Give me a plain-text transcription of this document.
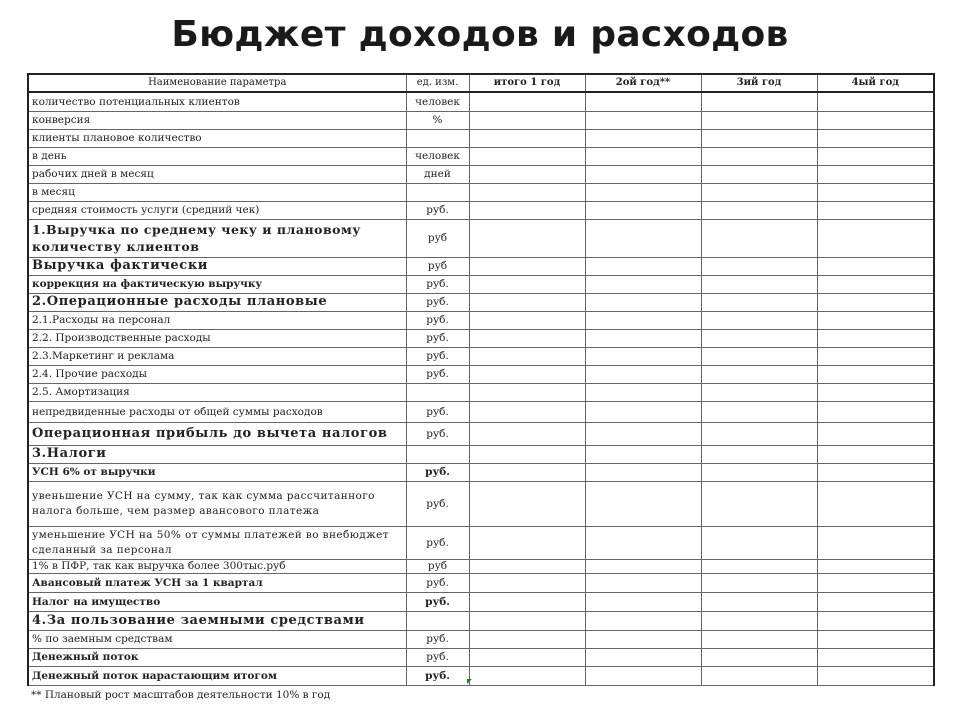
Бюджет доходов и расходов
Наименование параметра	ед. изм.	итого 1 год	2ой год**	3ий год	4ый год
количество потенциальных клиентов	человек				
конверсия	%				
клиенты плановое количество					
в день	человек				
рабочих дней в месяц	дней				
в месяц					
средняя стоимость услуги (средний чек)	руб.				
1.Выручка по среднему чеку и плановому количеству клиентов	руб				
Выручка фактически	руб				
коррекция на фактическую выручку	руб.				
2.Операционные расходы плановые	руб.				
2.1.Расходы на персонал	руб.				
2.2. Производственные расходы	руб.				
2.3.Маркетинг и реклама	руб.				
2.4. Прочие расходы	руб.				
2.5. Амортизация					
непредвиденные расходы от общей суммы расходов	руб.				
Операционная прибыль до вычета налогов	руб.				
3.Налоги					
УСН 6% от выручки	руб.				
увеньшение УСН на сумму, так как сумма рассчитанного налога больше, чем размер авансового платежа	руб.				
уменьшение УСН на 50% от суммы платежей во внебюджет сделанный за персонал	руб.				
1% в ПФР, так как выручка более 300тыс.руб	руб				
Авансовый платеж УСН за 1 квартал	руб.				
Налог на имущество	руб.				
4.За пользование заемными средствами					
% по заемным средствам	руб.				
Денежный поток	руб.				
Денежный поток нарастающим итогом	руб.				
** Плановый рост масштабов деятельности 10% в год					
